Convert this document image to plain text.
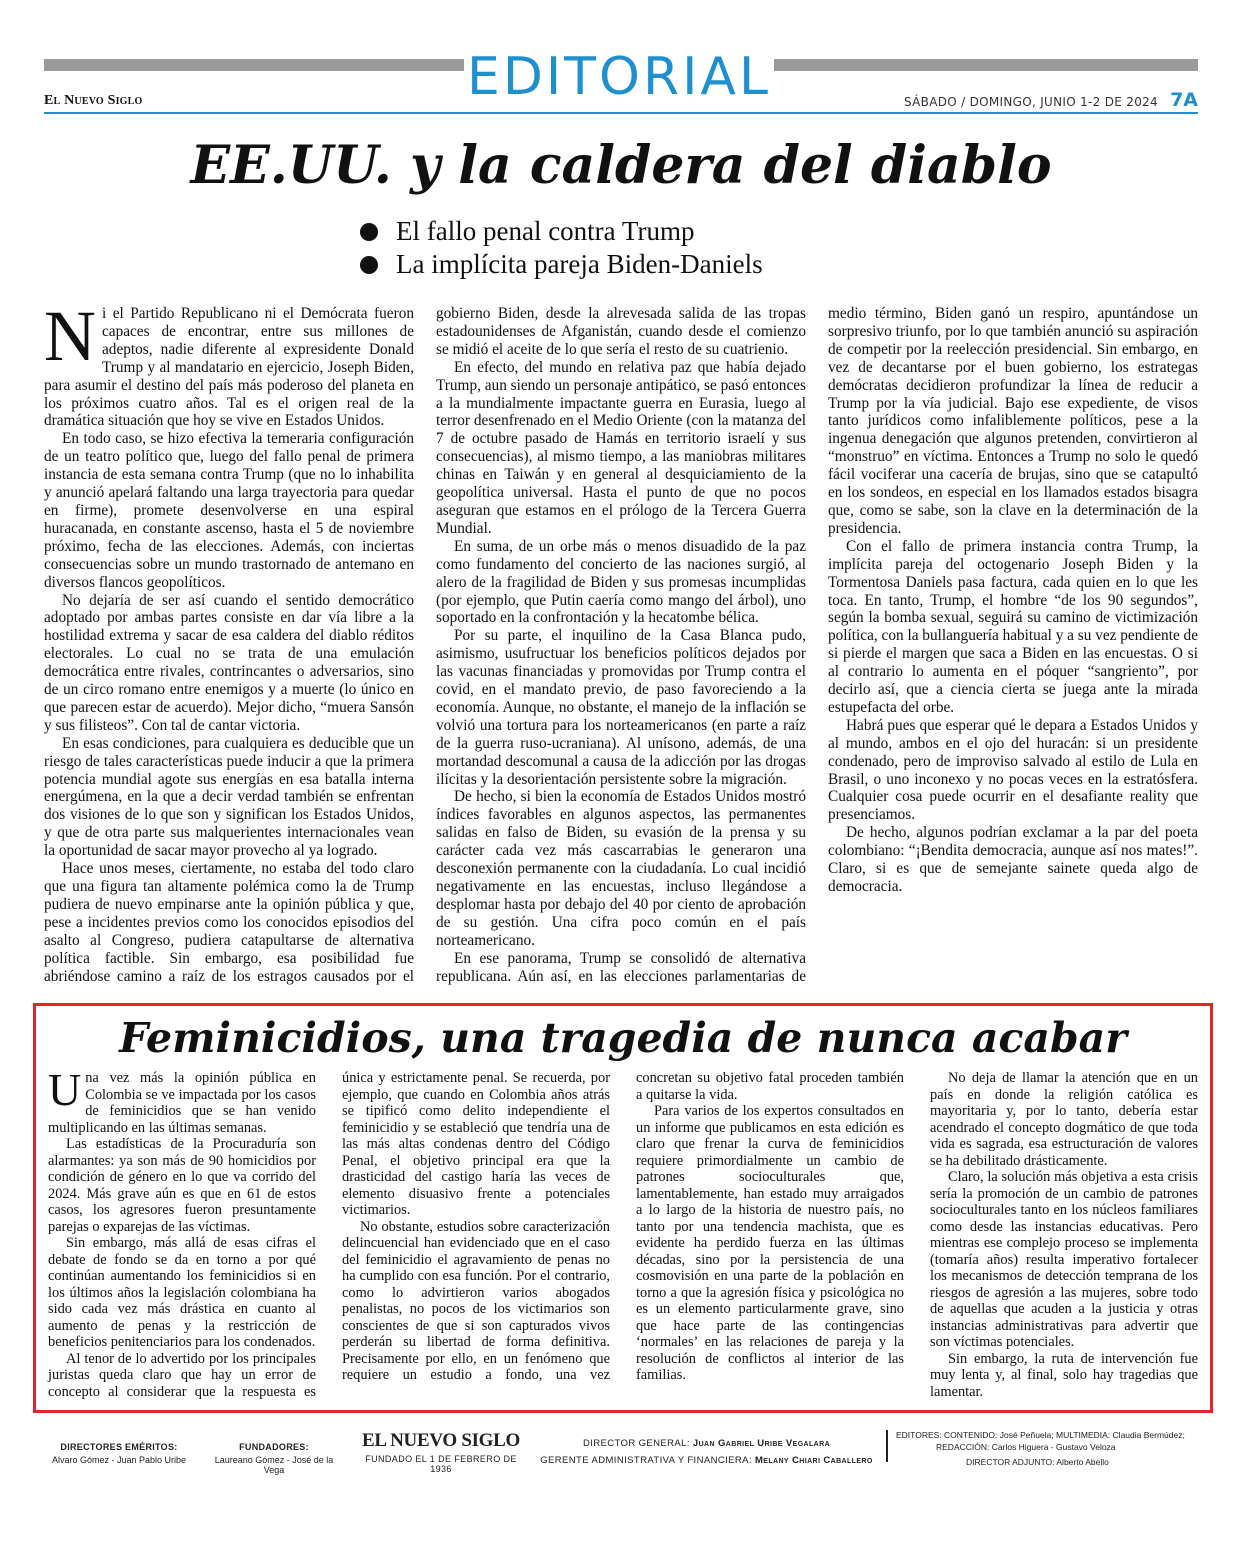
EDITORIAL
El Nuevo Siglo	SÁBADO / DOMINGO, JUNIO 1-2 DE 2024 7A
EE.UU. y la caldera del diablo
El fallo penal contra Trump
La implícita pareja Biden-Daniels

Ni el Partido Republicano ni el Demócrata fueron capaces de encontrar, entre sus millones de adeptos, nadie diferente al expresidente Donald Trump y al mandatario en ejercicio, Joseph Biden, para asumir el destino del país más poderoso del planeta en los próximos cuatro años. Tal es el origen real de la dramática situación que hoy se vive en Estados Unidos.

En todo caso, se hizo efectiva la temeraria configuración de un teatro político que, luego del fallo penal de primera instancia de esta semana contra Trump (que no lo inhabilita y anunció apelará faltando una larga trayectoria para quedar en firme), promete desenvolverse en una espiral huracanada, en constante ascenso, hasta el 5 de noviembre próximo, fecha de las elecciones. Además, con inciertas consecuencias sobre un mundo trastornado de antemano en diversos flancos geopolíticos.

No dejaría de ser así cuando el sentido democrático adoptado por ambas partes consiste en dar vía libre a la hostilidad extrema y sacar de esa caldera del diablo réditos electorales. Lo cual no se trata de una emulación democrática entre rivales, contrincantes o adversarios, sino de un circo romano entre enemigos y a muerte (lo único en que parecen estar de acuerdo). Mejor dicho, “muera Sansón y sus filisteos”. Con tal de cantar victoria.

En esas condiciones, para cualquiera es deducible que un riesgo de tales características puede inducir a que la primera potencia mundial agote sus energías en esa batalla interna energúmena, en la que a decir verdad también se enfrentan dos visiones de lo que son y significan los Estados Unidos, y que de otra parte sus malquerientes internacionales vean la oportunidad de sacar mayor provecho al ya logrado.

Hace unos meses, ciertamente, no estaba del todo claro que una figura tan altamente polémica como la de Trump pudiera de nuevo empinarse ante la opinión pública y que, pese a incidentes previos como los conocidos episodios del asalto al Congreso, pudiera catapultarse de alternativa política factible. Sin embargo, esa posibilidad fue abriéndose camino a raíz de los estragos causados por el gobierno Biden, desde la alrevesada salida de las tropas estadounidenses de Afganistán, cuando desde el comienzo se midió el aceite de lo que sería el resto de su cuatrienio.

En efecto, del mundo en relativa paz que había dejado Trump, aun siendo un personaje antipático, se pasó entonces a la mundialmente impactante guerra en Eurasia, luego al terror desenfrenado en el Medio Oriente (con la matanza del 7 de octubre pasado de Hamás en territorio israelí y sus consecuencias), al mismo tiempo, a las maniobras militares chinas en Taiwán y en general al desquiciamiento de la geopolítica universal. Hasta el punto de que no pocos aseguran que estamos en el prólogo de la Tercera Guerra Mundial.

En suma, de un orbe más o menos disuadido de la paz como fundamento del concierto de las naciones surgió, al alero de la fragilidad de Biden y sus promesas incumplidas (por ejemplo, que Putin caería como mango del árbol), uno soportado en la confrontación y la hecatombe bélica.

Por su parte, el inquilino de la Casa Blanca pudo, asimismo, usufructuar los beneficios políticos dejados por las vacunas financiadas y promovidas por Trump contra el covid, en el mandato previo, de paso favoreciendo a la economía. Aunque, no obstante, el manejo de la inflación se volvió una tortura para los norteamericanos (en parte a raíz de la guerra ruso-ucraniana). Al unísono, además, de una mortandad descomunal a causa de la adicción por las drogas ilícitas y la desorientación persistente sobre la migración.

De hecho, si bien la economía de Estados Unidos mostró índices favorables en algunos aspectos, las permanentes salidas en falso de Biden, su evasión de la prensa y su carácter cada vez más cascarrabias le generaron una desconexión permanente con la ciudadanía. Lo cual incidió negativamente en las encuestas, incluso llegándose a desplomar hasta por debajo del 40 por ciento de aprobación de su gestión. Una cifra poco común en el país norteamericano.

En ese panorama, Trump se consolidó de alternativa republicana. Aún así, en las elecciones parlamentarias de medio término, Biden ganó un respiro, apuntándose un sorpresivo triunfo, por lo que también anunció su aspiración de competir por la reelección presidencial. Sin embargo, en vez de decantarse por el buen gobierno, los estrategas demócratas decidieron profundizar la línea de reducir a Trump por la vía judicial. Bajo ese expediente, de visos tanto jurídicos como infaliblemente políticos, pese a la ingenua denegación que algunos pretenden, convirtieron al “monstruo” en víctima. Entonces a Trump no solo le quedó fácil vociferar una cacería de brujas, sino que se catapultó en los sondeos, en especial en los llamados estados bisagra que, como se sabe, son la clave en la determinación de la presidencia.

Con el fallo de primera instancia contra Trump, la implícita pareja del octogenario Joseph Biden y la Tormentosa Daniels pasa factura, cada quien en lo que les toca. En tanto, Trump, el hombre “de los 90 segundos”, según la bomba sexual, seguirá su camino de victimización política, con la bullanguería habitual y a su vez pendiente de si pierde el margen que saca a Biden en las encuestas. O si al contrario lo aumenta en el póquer “sangriento”, por decirlo así, que a ciencia cierta se juega ante la mirada estupefacta del orbe.

Habrá pues que esperar qué le depara a Estados Unidos y al mundo, ambos en el ojo del huracán: si un presidente condenado, pero de improviso salvado al estilo de Lula en Brasil, o uno inconexo y no pocas veces en la estratósfera. Cualquier cosa puede ocurrir en el desafiante reality que presenciamos.

De hecho, algunos podrían exclamar a la par del poeta colombiano: “¡Bendita democracia, aunque así nos mates!”. Claro, si es que de semejante sainete queda algo de democracia.

Feminicidios, una tragedia de nunca acabar

Una vez más la opinión pública en Colombia se ve impactada por los casos de feminicidios que se han venido multiplicando en las últimas semanas.

Las estadísticas de la Procuraduría son alarmantes: ya son más de 90 homicidios por condición de género en lo que va corrido del 2024. Más grave aún es que en 61 de estos casos, los agresores fueron presuntamente parejas o exparejas de las víctimas.

Sin embargo, más allá de esas cifras el debate de fondo se da en torno a por qué continúan aumentando los feminicidios si en los últimos años la legislación colombiana ha sido cada vez más drástica en cuanto al aumento de penas y la restricción de beneficios penitenciarios para los condenados.

Al tenor de lo advertido por los principales juristas queda claro que hay un error de concepto al considerar que la respuesta es única y estrictamente penal. Se recuerda, por ejemplo, que cuando en Colombia años atrás se tipificó como delito independiente el feminicidio y se estableció que tendría una de las más altas condenas dentro del Código Penal, el objetivo principal era que la drasticidad del castigo haría las veces de elemento disuasivo frente a potenciales victimarios.

No obstante, estudios sobre caracterización delincuencial han evidenciado que en el caso del feminicidio el agravamiento de penas no ha cumplido con esa función. Por el contrario, como lo advirtieron varios abogados penalistas, no pocos de los victimarios son conscientes de que si son capturados vivos perderán su libertad de forma definitiva. Precisamente por ello, en un fenómeno que requiere un estudio a fondo, una vez concretan su objetivo fatal proceden también a quitarse la vida.

Para varios de los expertos consultados en un informe que publicamos en esta edición es claro que frenar la curva de feminicidios requiere primordialmente un cambio de patrones socioculturales que, lamentablemente, han estado muy arraigados a lo largo de la historia de nuestro país, no tanto por una tendencia machista, que es evidente ha perdido fuerza en las últimas décadas, sino por la persistencia de una cosmovisión en una parte de la población en torno a que la agresión física y psicológica no es un elemento particularmente grave, sino que hace parte de las contingencias ‘normales’ en las relaciones de pareja y la resolución de conflictos al interior de las familias.

No deja de llamar la atención que en un país en donde la religión católica es mayoritaria y, por lo tanto, debería estar acendrado el concepto dogmático de que toda vida es sagrada, esa estructuración de valores se ha debilitado drásticamente.

Claro, la solución más objetiva a esta crisis sería la promoción de un cambio de patrones socioculturales tanto en los núcleos familiares como desde las instancias educativas. Pero mientras ese complejo proceso se implementa (tomaría años) resulta imperativo fortalecer los mecanismos de detección temprana de los riesgos de agresión a las mujeres, sobre todo de aquellas que acuden a la justicia y otras instancias administrativas para advertir que son víctimas potenciales.

Sin embargo, la ruta de intervención fue muy lenta y, al final, solo hay tragedias que lamentar.

DIRECTORES EMÉRITOS:
Alvaro Gómez - Juan Pablo Uribe
FUNDADORES:
Laureano Gómez - José de la Vega
EL NUEVO SIGLO
FUNDADO EL 1 DE FEBRERO DE 1936
DIRECTOR GENERAL: Juan Gabriel Uribe Vegalara
GERENTE ADMINISTRATIVA Y FINANCIERA: Melany Chiari Caballero
EDITORES: CONTENIDO: José Peñuela; MULTIMEDIA: Claudia Bermúdez;
REDACCIÓN: Carlos Higuera - Gustavo Veloza
DIRECTOR ADJUNTO: Alberto Abello
